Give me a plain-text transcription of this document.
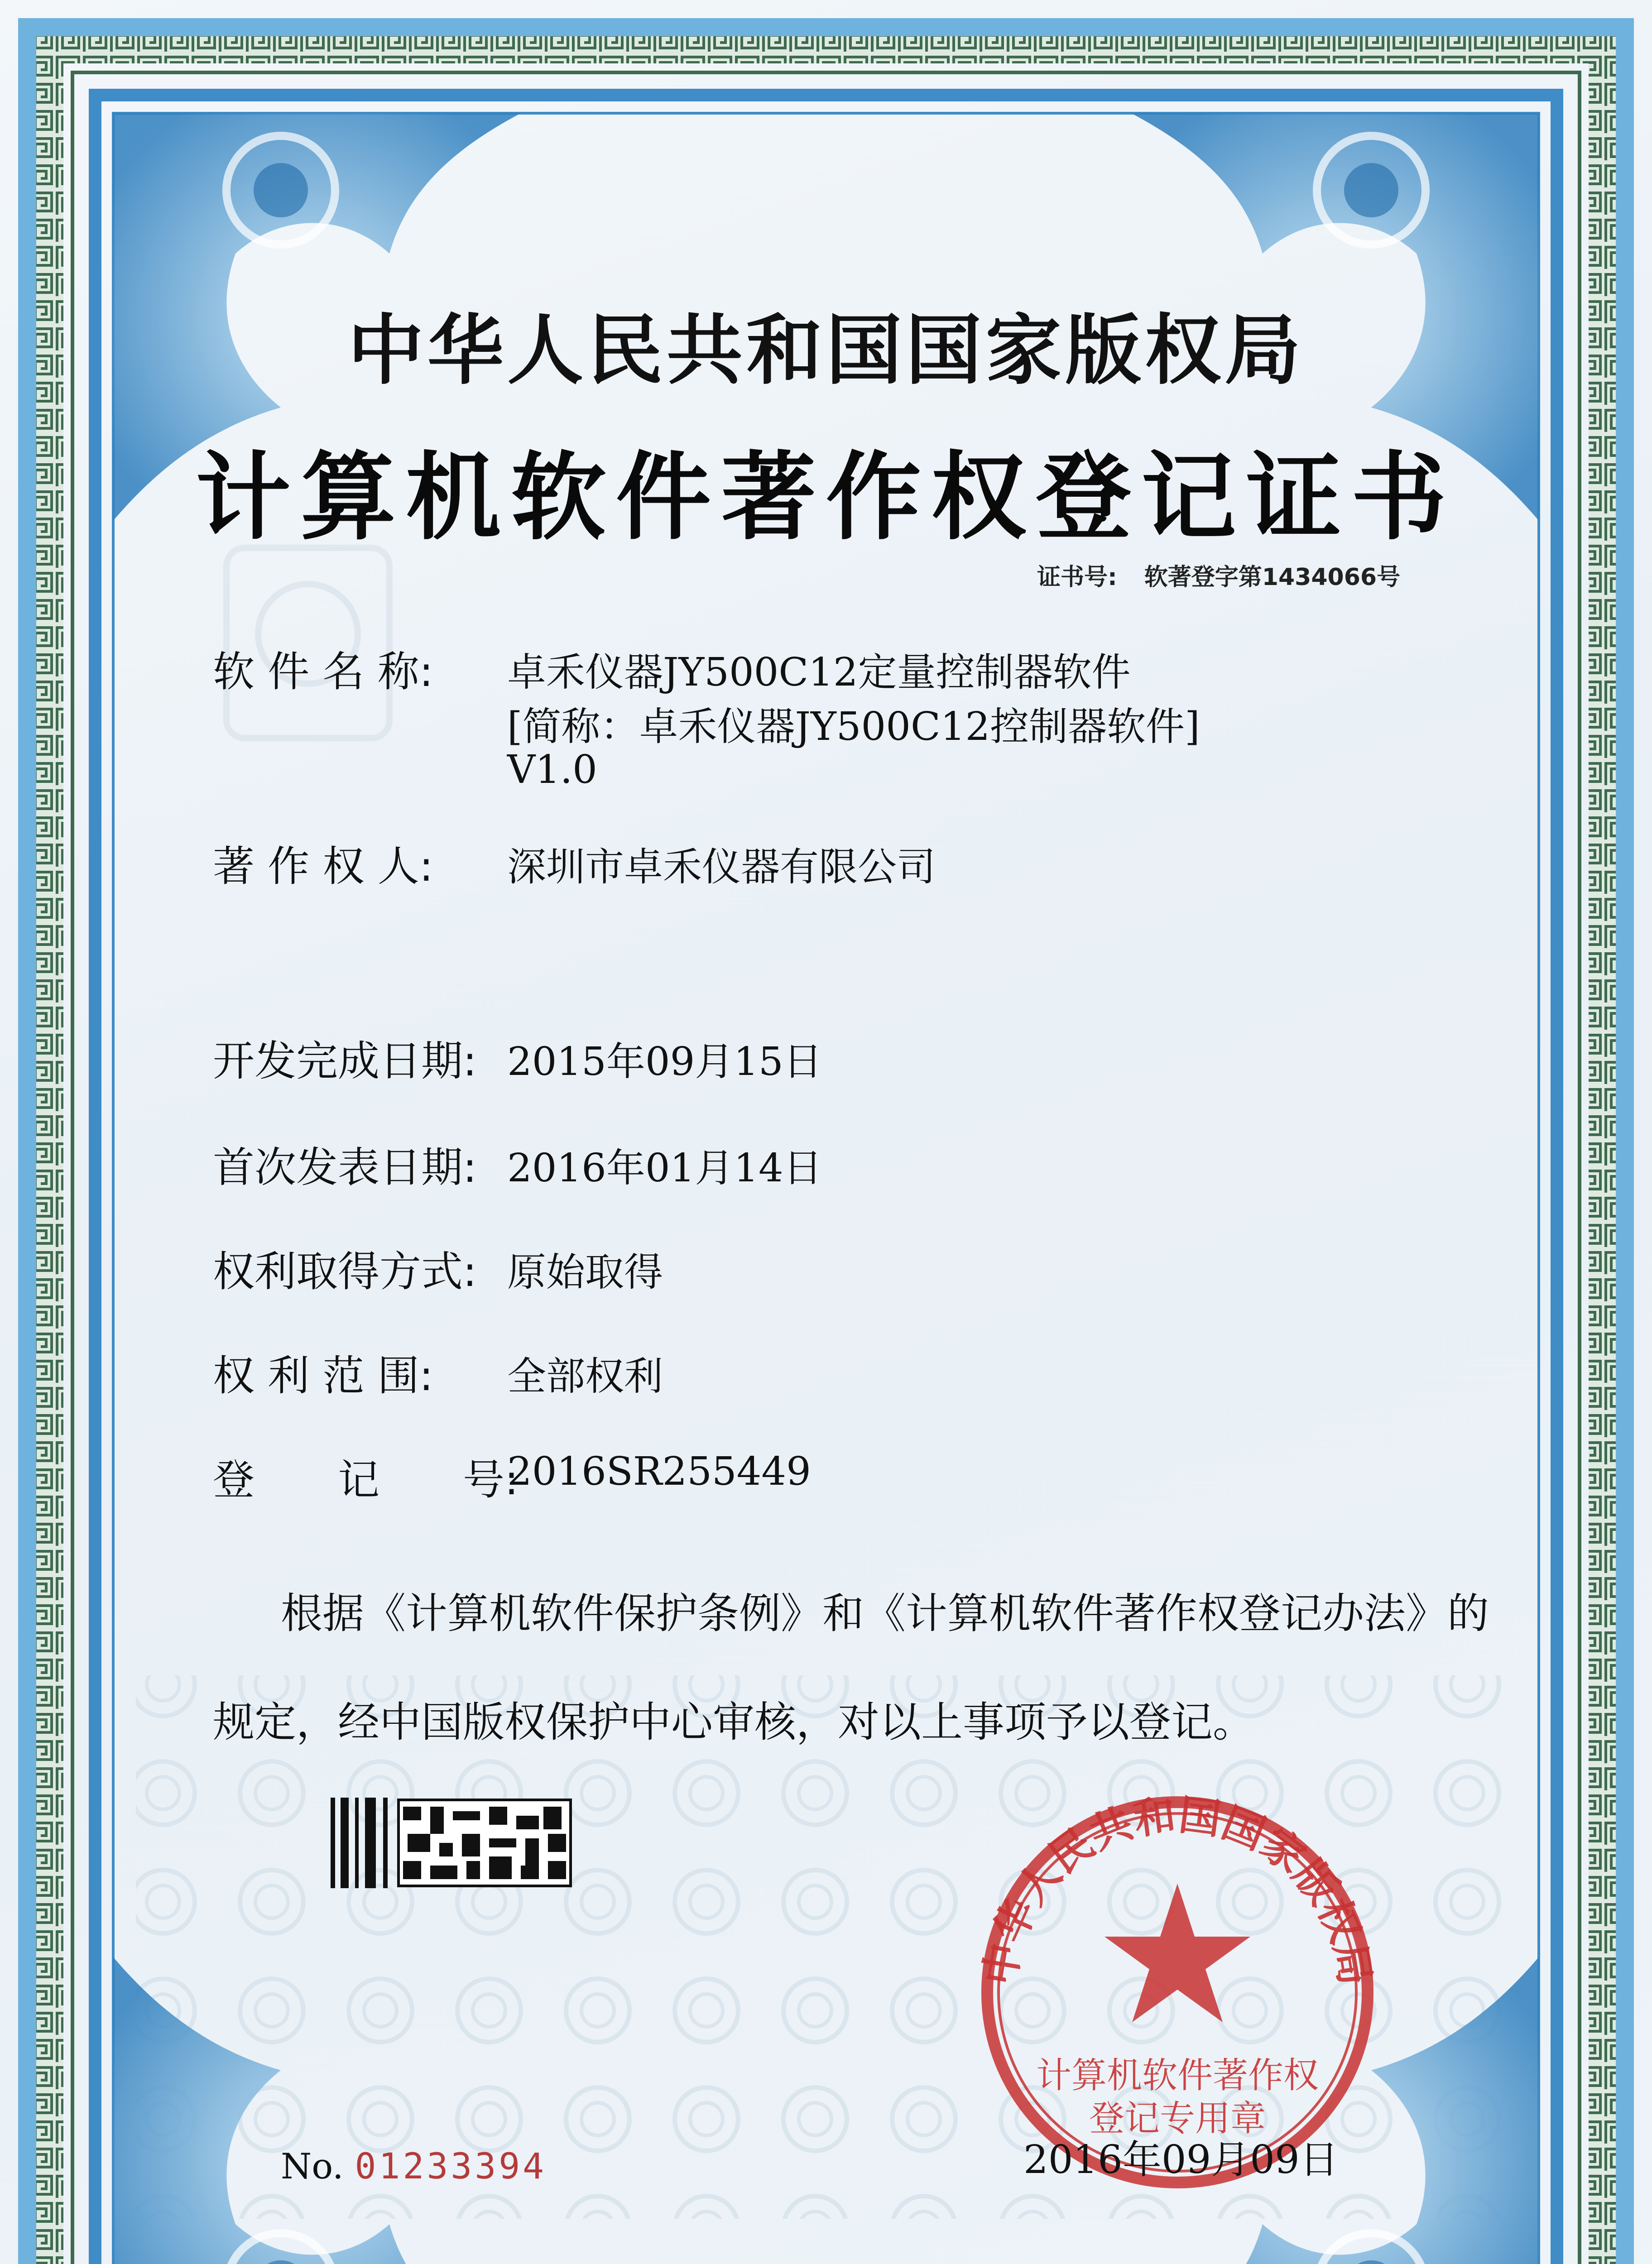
中华人民共和国国家版权局
计算机软件著作权登记证书
证书号: 软著登字第1434066号
软 件 名 称: 卓禾仪器JY500C12定量控制器软件
[简称：卓禾仪器JY500C12控制器软件]
V1.0
著 作 权 人: 深圳市卓禾仪器有限公司
开发完成日期: 2015年09月15日
首次发表日期: 2016年01月14日
权利取得方式: 原始取得
权 利 范 围: 全部权利
登　　记　　号:
2016SR255449
根据《计算机软件保护条例》和《计算机软件著作权登记办法》的
规定，经中国版权保护中心审核，对以上事项予以登记。
中华人民共和国国家版权局
计算机软件著作权
登记专用章
2016年09月09日
No. 01233394
